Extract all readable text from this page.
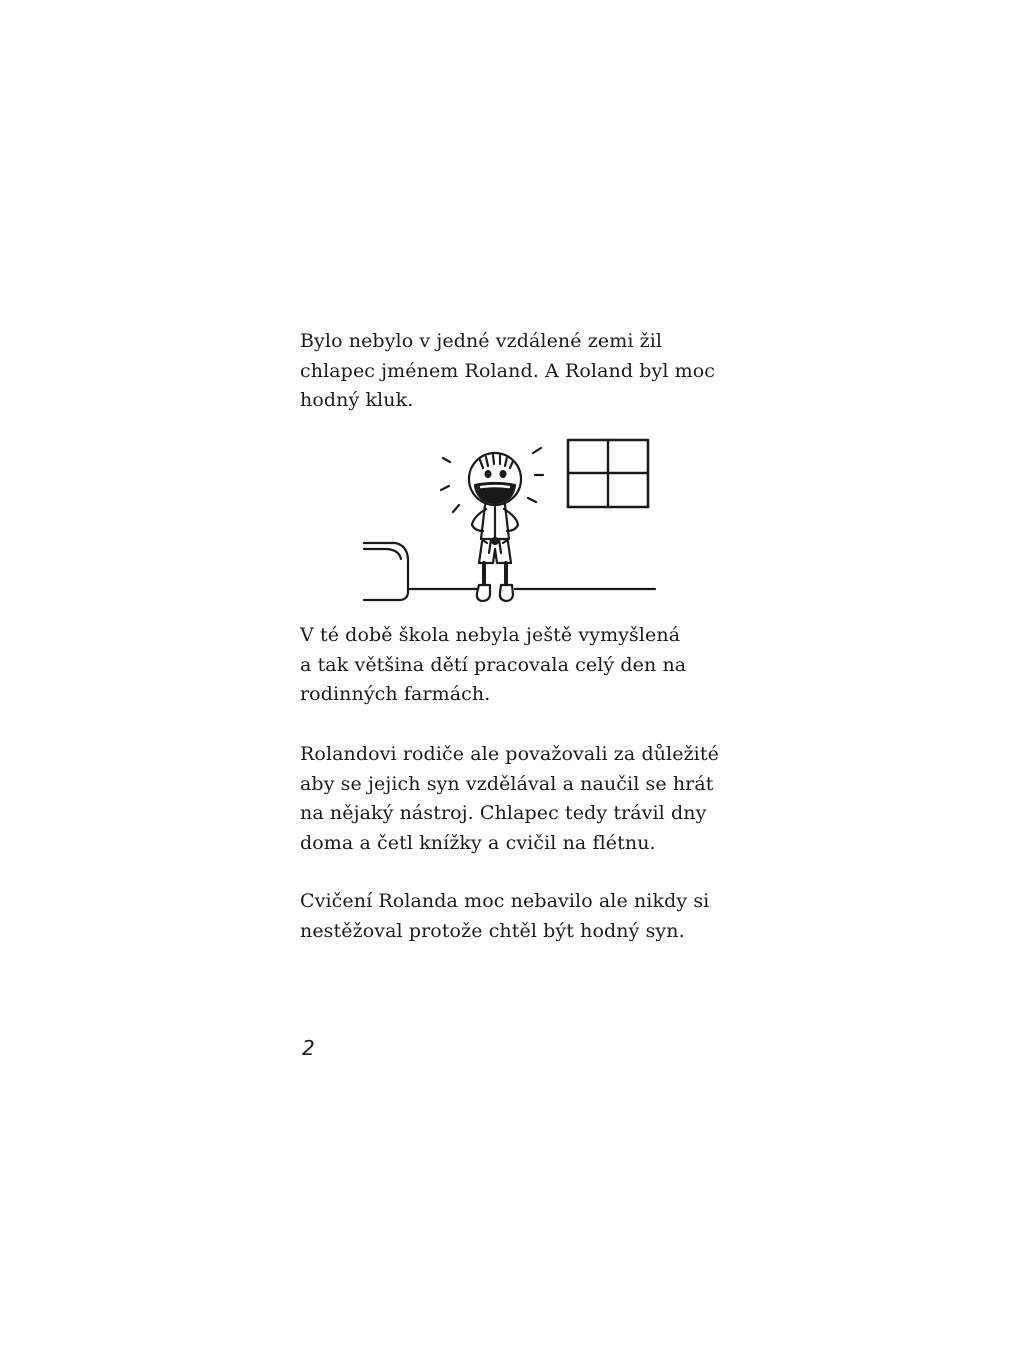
Bylo nebylo v jedné vzdálené zemi žil
chlapec jménem Roland. A Roland byl moc
hodný kluk.

V té době škola nebyla ještě vymyšlená
a tak většina dětí pracovala celý den na
rodinných farmách.

Rolandovi rodiče ale považovali za důležité
aby se jejich syn vzdělával a naučil se hrát
na nějaký nástroj. Chlapec tedy trávil dny
doma a četl knížky a cvičil na flétnu.

Cvičení Rolanda moc nebavilo ale nikdy si
nestěžoval protože chtěl být hodný syn.

2
